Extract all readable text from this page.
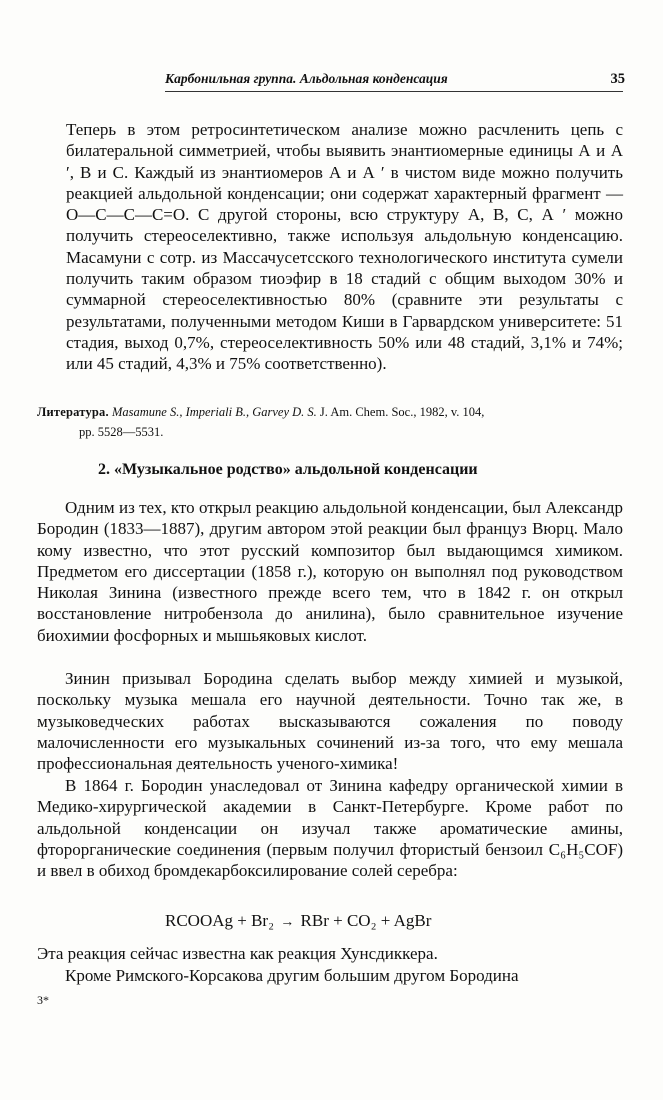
Карбонильная группа. Альдольная конденсация	35

Теперь в этом ретросинтетическом анализе можно расчленить цепь с билатеральной симметрией, чтобы выявить энантиомерные единицы А и А ′, В и С. Каждый из энантиомеров А и А ′ в чистом виде можно получить реакцией альдольной конденсации; они содержат характерный фрагмент —О—С—С—С=О. С другой стороны, всю структуру А, В, С, А ′ можно получить стереоселективно, также используя альдольную конденсацию. Масамуни с сотр. из Массачусетсского технологического института сумели получить таким образом тиоэфир в 18 стадий с общим выходом 30% и суммарной стереоселективностью 80% (сравните эти результаты с результатами, полученными методом Киши в Гарвардском университете: 51 стадия, выход 0,7%, стереоселективность 50% или 48 стадий, 3,1% и 74%; или 45 стадий, 4,3% и 75% соответственно).

Литература. Masamune S., Imperiali B., Garvey D. S. J. Am. Chem. Soc., 1982, v. 104,
pp. 5528—5531.

2. «Музыкальное родство» альдольной конденсации

Одним из тех, кто открыл реакцию альдольной конденсации, был Александр Бородин (1833—1887), другим автором этой реакции был француз Вюрц. Мало кому известно, что этот русский композитор был выдающимся химиком. Предметом его диссертации (1858 г.), которую он выполнял под руководством Николая Зинина (известного прежде всего тем, что в 1842 г. он открыл восстановление нитробензола до анилина), было сравнительное изучение биохимии фосфорных и мышьяковых кислот.

Зинин призывал Бородина сделать выбор между химией и музыкой, поскольку музыка мешала его научной деятельности. Точно так же, в музыковедческих работах высказываются сожаления по поводу малочисленности его музыкальных сочинений из-за того, что ему мешала профессиональная деятельность ученого-химика!

В 1864 г. Бородин унаследовал от Зинина кафедру органической химии в Медико-хирургической академии в Санкт-Петербурге. Кроме работ по альдольной конденсации он изучал также ароматические амины, фторорганические соединения (первым получил фтористый бензоил C₆H₅COF) и ввел в обиход бромдекарбоксилирование солей серебра:

RCOOAg + Br₂ → RBr + CO₂ + AgBr

Эта реакция сейчас известна как реакция Хунсдиккера.

Кроме Римского-Корсакова другим большим другом Бородина

3*
